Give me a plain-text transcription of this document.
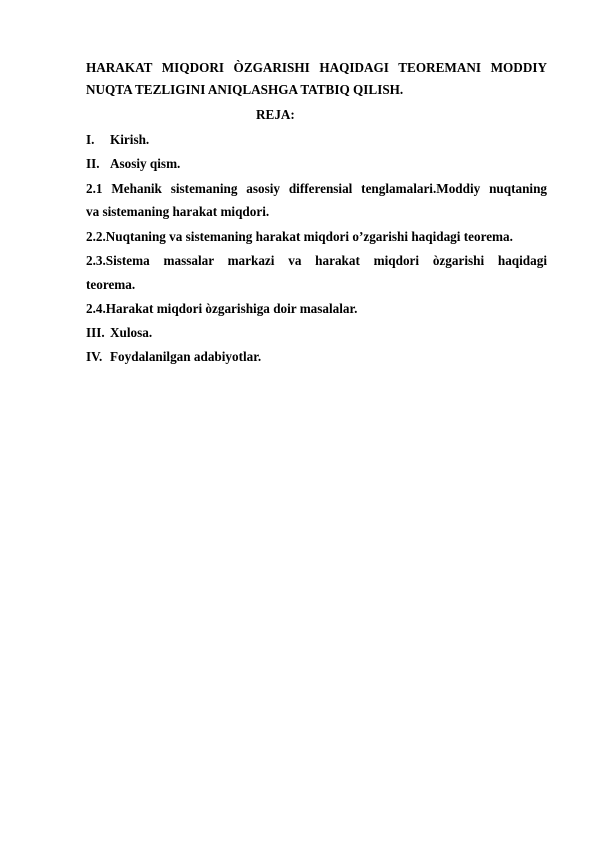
HARAKAT MIQDORI ÒZGARISHI HAQIDAGI TEOREMANI MODDIY
NUQTA TEZLIGINI ANIQLASHGA TATBIQ QILISH.
REJA:
I. Kirish.
II. Asosiy qism.
2.1 Mehanik sistemaning asosiy differensial tenglamalari.Moddiy nuqtaning
va sistemaning harakat miqdori.
2.2.Nuqtaning va sistemaning harakat miqdori o’zgarishi haqidagi teorema.
2.3.Sistema massalar markazi va harakat miqdori òzgarishi haqidagi
teorema.
2.4.Harakat miqdori òzgarishiga doir masalalar.
III. Xulosa.
IV. Foydalanilgan adabiyotlar.
